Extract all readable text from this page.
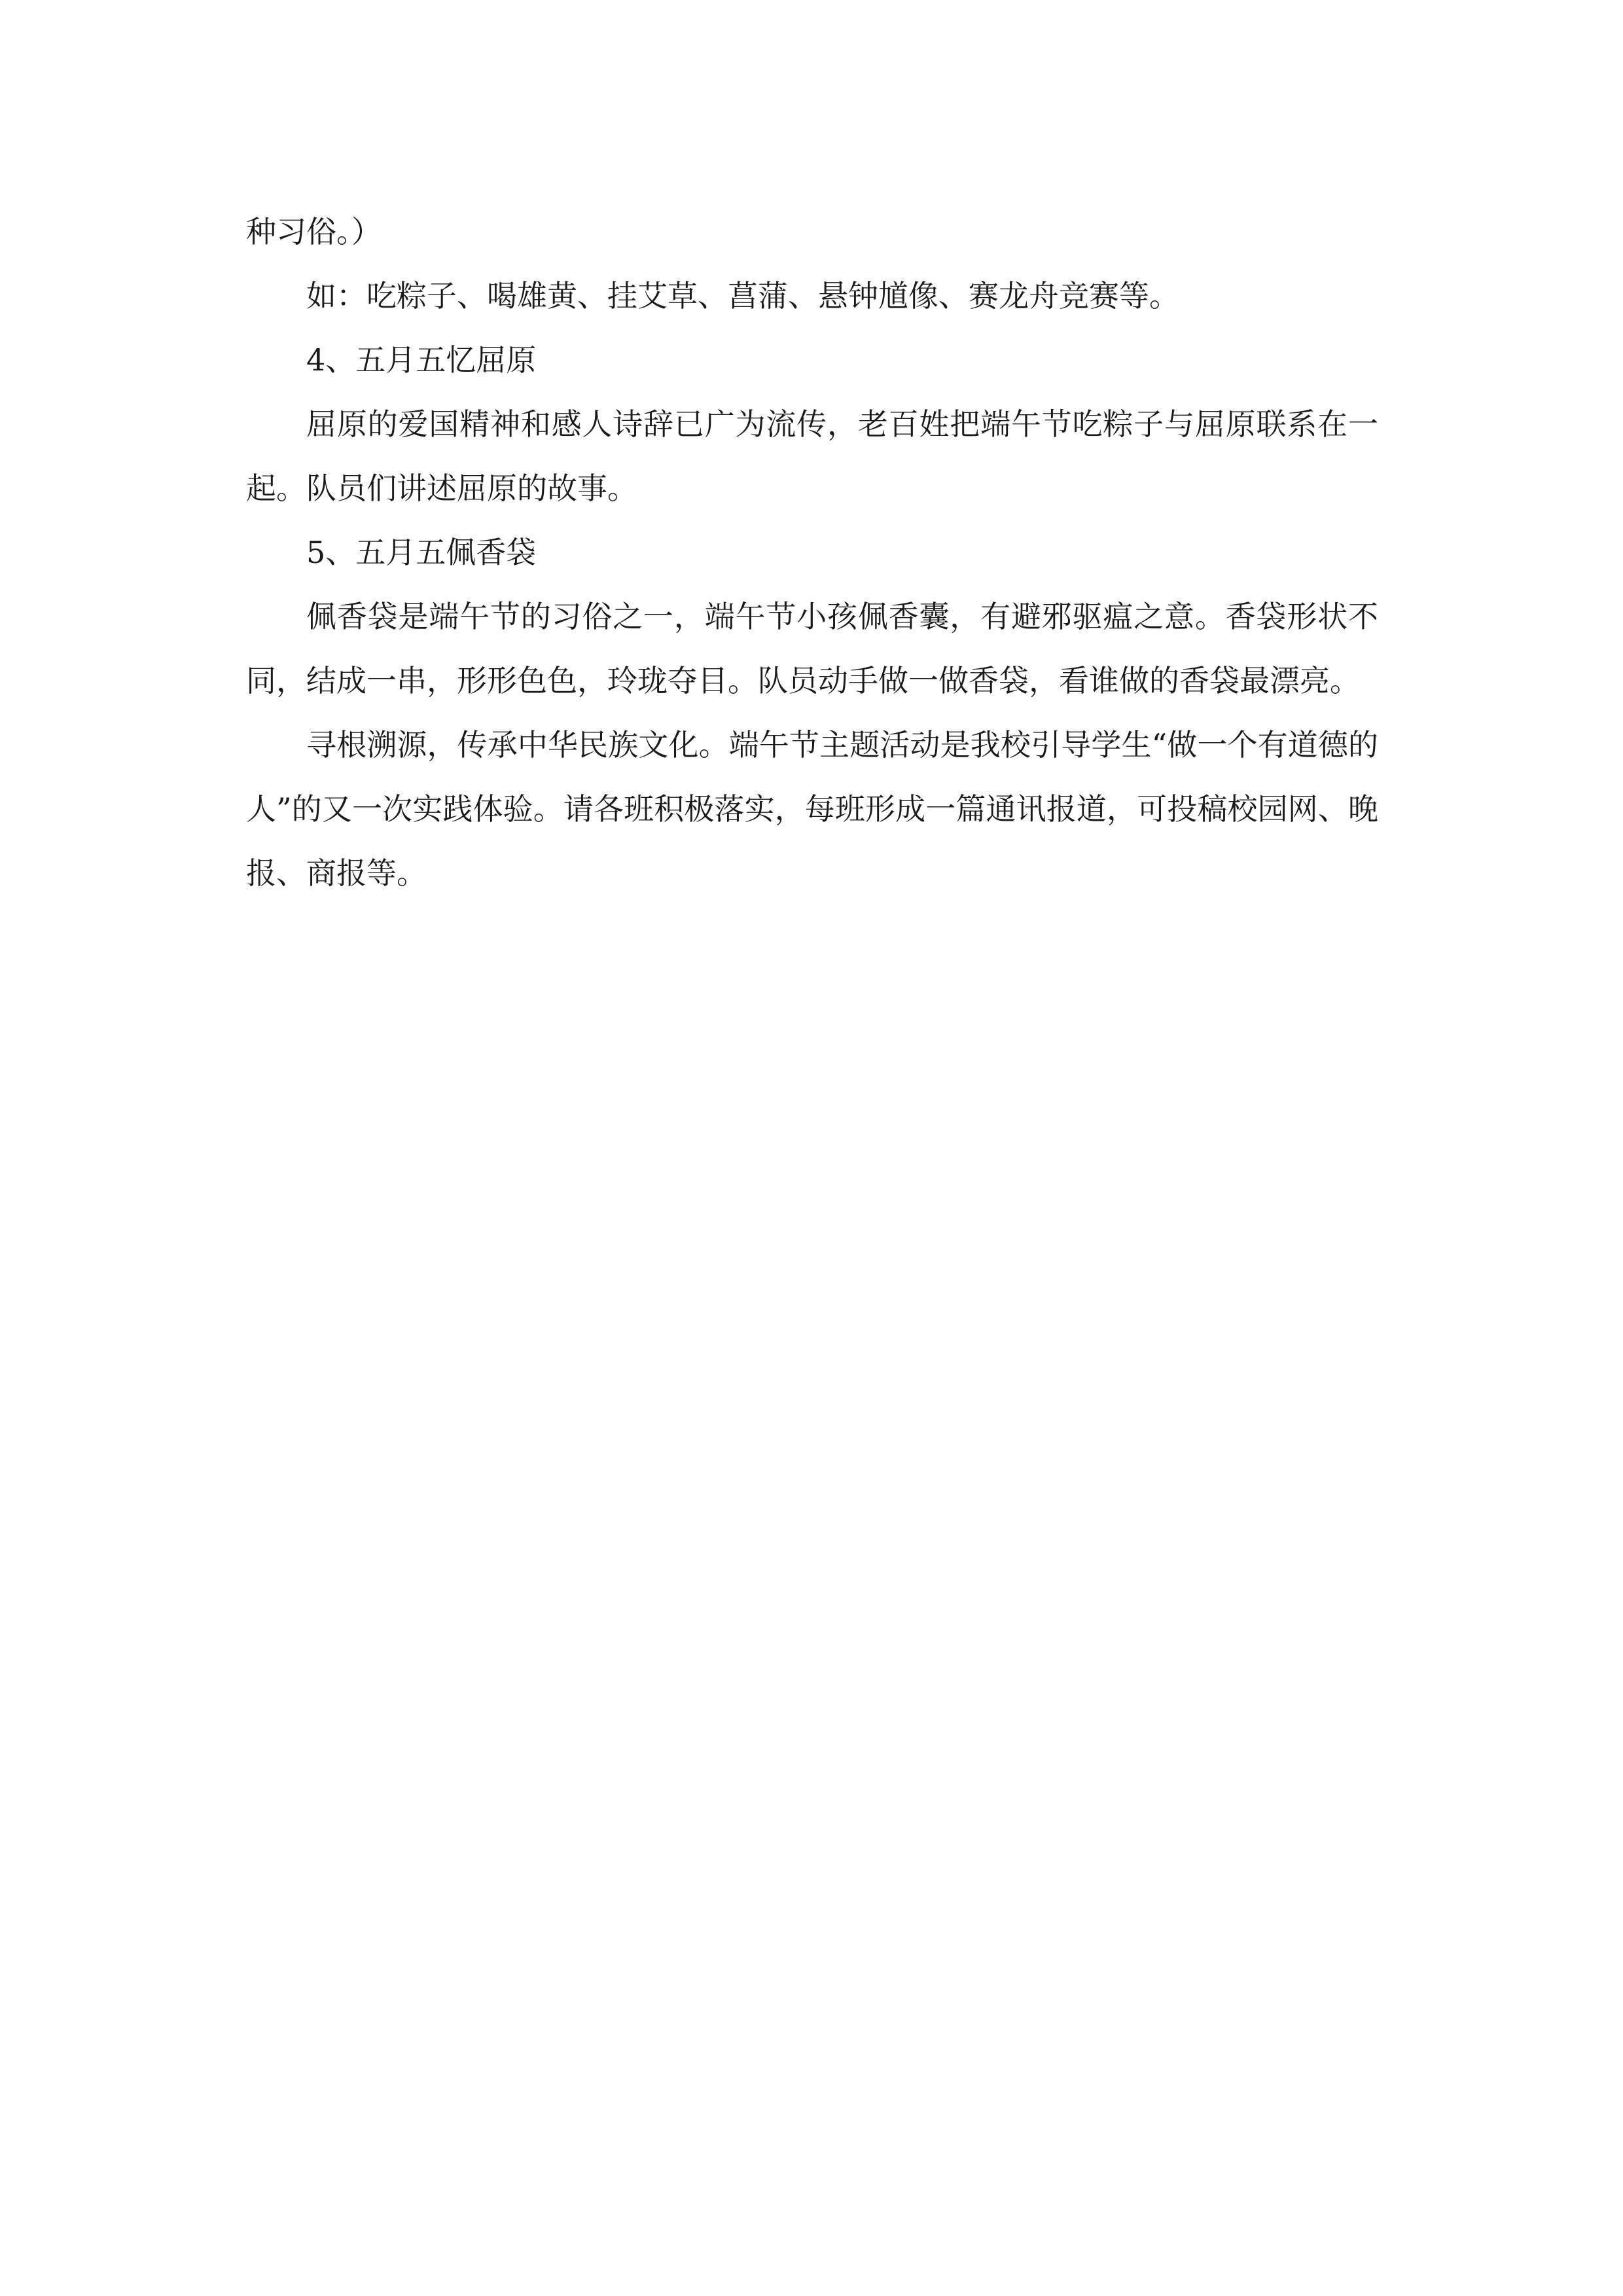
种习俗。）

如：吃粽子、喝雄黄、挂艾草、菖蒲、悬钟馗像、赛龙舟竞赛等。

4、五月五忆屈原

屈原的爱国精神和感人诗辞已广为流传，老百姓把端午节吃粽子与屈原联系在一起。队员们讲述屈原的故事。

5、五月五佩香袋

佩香袋是端午节的习俗之一，端午节小孩佩香囊，有避邪驱瘟之意。香袋形状不同，结成一串，形形色色，玲珑夺目。队员动手做一做香袋，看谁做的香袋最漂亮。

寻根溯源，传承中华民族文化。端午节主题活动是我校引导学生“做一个有道德的人”的又一次实践体验。请各班积极落实，每班形成一篇通讯报道，可投稿校园网、晚报、商报等。
